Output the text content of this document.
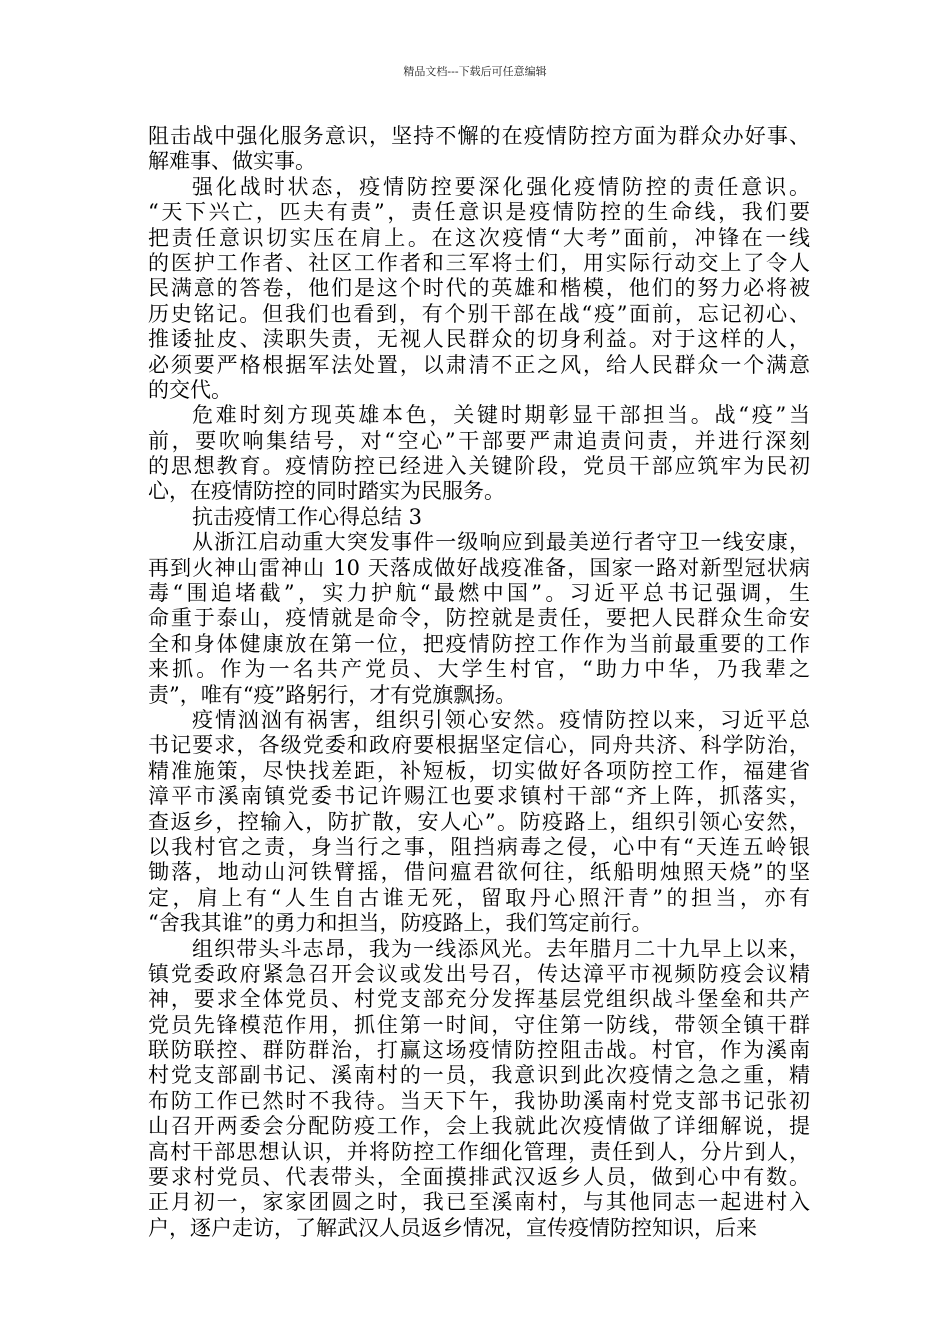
精品文档---下载后可任意编辑
阻击战中强化服务意识，坚持不懈的在疫情防控方面为群众办好事、
解难事、做实事。
强化战时状态，疫情防控要深化强化疫情防控的责任意识。
“天下兴亡，匹夫有责”，责任意识是疫情防控的生命线，我们要
把责任意识切实压在肩上。在这次疫情“大考”面前，冲锋在一线
的医护工作者、社区工作者和三军将士们，用实际行动交上了令人
民满意的答卷，他们是这个时代的英雄和楷模，他们的努力必将被
历史铭记。但我们也看到，有个别干部在战“疫”面前，忘记初心、
推诿扯皮、渎职失责，无视人民群众的切身利益。对于这样的人，
必须要严格根据军法处置，以肃清不正之风，给人民群众一个满意
的交代。
危难时刻方现英雄本色，关键时期彰显干部担当。战“疫”当
前，要吹响集结号，对“空心”干部要严肃追责问责，并进行深刻
的思想教育。疫情防控已经进入关键阶段，党员干部应筑牢为民初
心，在疫情防控的同时踏实为民服务。
抗击疫情工作心得总结 3
从浙江启动重大突发事件一级响应到最美逆行者守卫一线安康，
再到火神山雷神山 10 天落成做好战疫准备，国家一路对新型冠状病
毒“围追堵截”，实力护航“最燃中国”。习近平总书记强调，生
命重于泰山，疫情就是命令，防控就是责任，要把人民群众生命安
全和身体健康放在第一位，把疫情防控工作作为当前最重要的工作
来抓。作为一名共产党员、大学生村官，“助力中华，乃我辈之
责”，唯有“疫”路躬行，才有党旗飘扬。
疫情汹汹有祸害，组织引领心安然。疫情防控以来，习近平总
书记要求，各级党委和政府要根据坚定信心，同舟共济、科学防治，
精准施策，尽快找差距，补短板，切实做好各项防控工作，福建省
漳平市溪南镇党委书记许赐江也要求镇村干部“齐上阵，抓落实，
查返乡，控输入，防扩散，安人心”。防疫路上，组织引领心安然，
以我村官之责，身当行之事，阻挡病毒之侵，心中有“天连五岭银
锄落，地动山河铁臂摇，借问瘟君欲何往，纸船明烛照天烧”的坚
定，肩上有“人生自古谁无死，留取丹心照汗青”的担当，亦有
“舍我其谁”的勇力和担当，防疫路上，我们笃定前行。
组织带头斗志昂，我为一线添风光。去年腊月二十九早上以来，
镇党委政府紧急召开会议或发出号召，传达漳平市视频防疫会议精
神，要求全体党员、村党支部充分发挥基层党组织战斗堡垒和共产
党员先锋模范作用，抓住第一时间，守住第一防线，带领全镇干群
联防联控、群防群治，打赢这场疫情防控阻击战。村官，作为溪南
村党支部副书记、溪南村的一员，我意识到此次疫情之急之重，精
布防工作已然时不我待。当天下午，我协助溪南村党支部书记张初
山召开两委会分配防疫工作，会上我就此次疫情做了详细解说，提
高村干部思想认识，并将防控工作细化管理，责任到人，分片到人，
要求村党员、代表带头，全面摸排武汉返乡人员，做到心中有数。
正月初一，家家团圆之时，我已至溪南村，与其他同志一起进村入
户，逐户走访，了解武汉人员返乡情况，宣传疫情防控知识，后来
